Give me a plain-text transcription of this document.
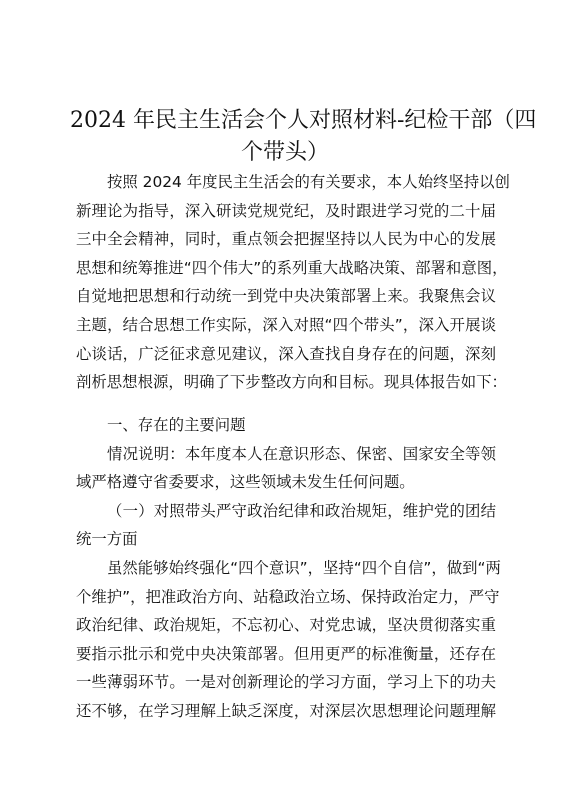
2024 年民主生活会个人对照材料-纪检干部（四
个带头）
按照 2024 年度民主生活会的有关要求，本人始终坚持以创
新理论为指导，深入研读党规党纪，及时跟进学习党的二十届
三中全会精神，同时，重点领会把握坚持以人民为中心的发展
思想和统筹推进“四个伟大”的系列重大战略决策、部署和意图，
自觉地把思想和行动统一到党中央决策部署上来。我聚焦会议
主题，结合思想工作实际，深入对照“四个带头”，深入开展谈
心谈话，广泛征求意见建议，深入查找自身存在的问题，深刻
剖析思想根源，明确了下步整改方向和目标。现具体报告如下：
一、存在的主要问题
情况说明：本年度本人在意识形态、保密、国家安全等领
域严格遵守省委要求，这些领域未发生任何问题。
（一）对照带头严守政治纪律和政治规矩，维护党的团结
统一方面
虽然能够始终强化“四个意识”，坚持“四个自信”，做到“两
个维护”，把准政治方向、站稳政治立场、保持政治定力，严守
政治纪律、政治规矩，不忘初心、对党忠诚，坚决贯彻落实重
要指示批示和党中央决策部署。但用更严的标准衡量，还存在
一些薄弱环节。一是对创新理论的学习方面，学习上下的功夫
还不够，在学习理解上缺乏深度，对深层次思想理论问题理解
